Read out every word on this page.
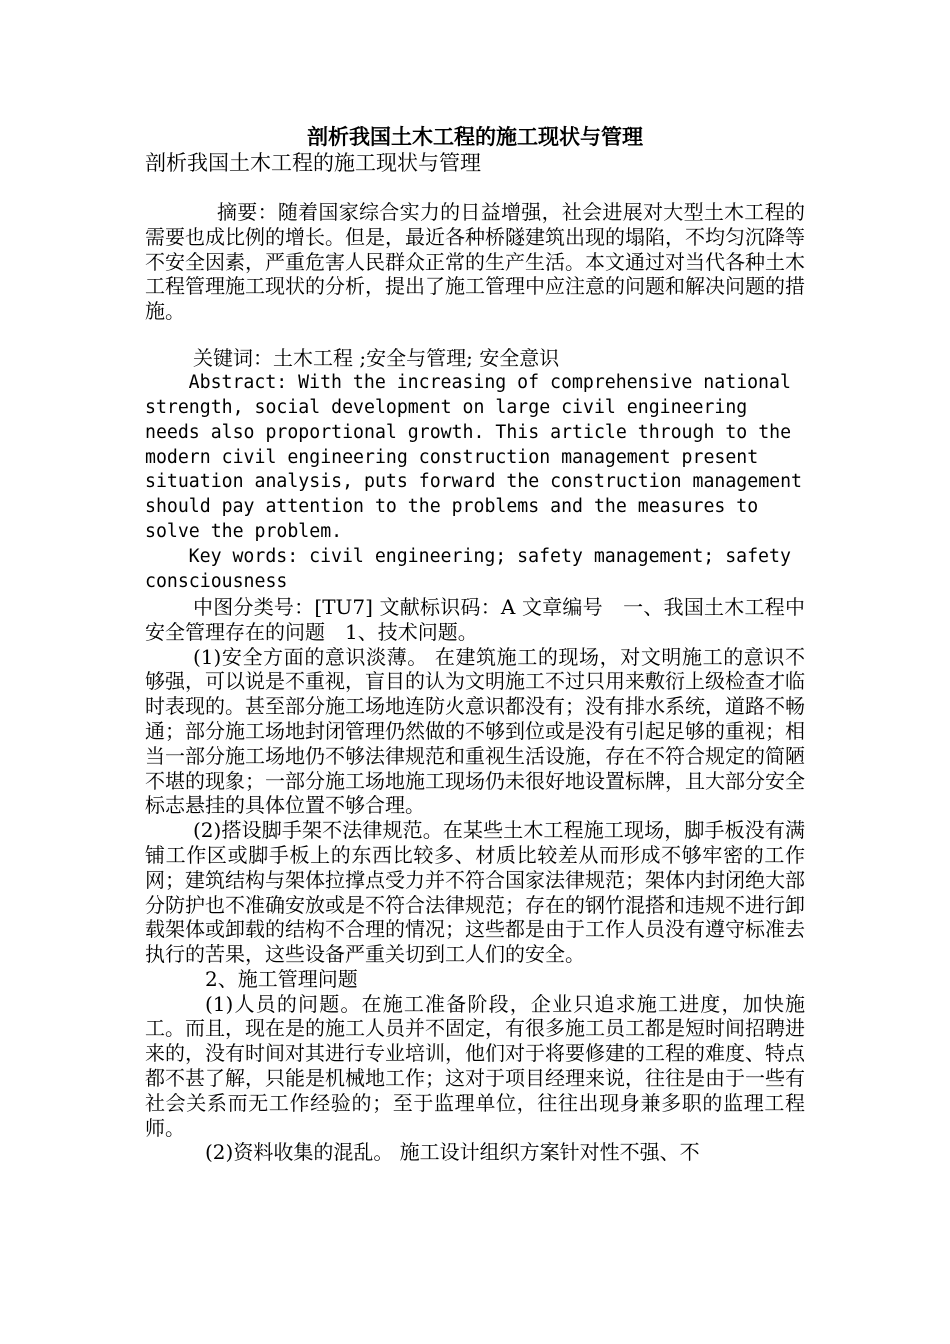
剖析我国土木工程的施工现状与管理

剖析我国土木工程的施工现状与管理

摘要：随着国家综合实力的日益增强，社会进展对大型土木工程的需要也成比例的增长。但是，最近各种桥隧建筑出现的塌陷，不均匀沉降等不安全因素，严重危害人民群众正常的生产生活。本文通过对当代各种土木工程管理施工现状的分析，提出了施工管理中应注意的问题和解决问题的措施。

关键词：土木工程 ;安全与管理; 安全意识

Abstract: With the increasing of comprehensive national strength, social development on large civil engineering needs also proportional growth. This article through to the modern civil engineering construction management present situation analysis, puts forward the construction management should pay attention to the problems and the measures to solve the problem.

Key words: civil engineering; safety management; safety consciousness

中图分类号：[TU7] 文献标识码：A 文章编号　一、我国土木工程中安全管理存在的问题　1、技术问题。

(1)安全方面的意识淡薄。 在建筑施工的现场，对文明施工的意识不够强，可以说是不重视，盲目的认为文明施工不过只用来敷衍上级检查才临时表现的。甚至部分施工场地连防火意识都没有；没有排水系统，道路不畅通；部分施工场地封闭管理仍然做的不够到位或是没有引起足够的重视；相当一部分施工场地仍不够法律规范和重视生活设施，存在不符合规定的简陋不堪的现象；一部分施工场地施工现场仍未很好地设置标牌，且大部分安全标志悬挂的具体位置不够合理。

(2)搭设脚手架不法律规范。在某些土木工程施工现场，脚手板没有满铺工作区或脚手板上的东西比较多、材质比较差从而形成不够牢密的工作网；建筑结构与架体拉撑点受力并不符合国家法律规范；架体内封闭绝大部分防护也不准确安放或是不符合法律规范；存在的钢竹混搭和违规不进行卸载架体或卸载的结构不合理的情况；这些都是由于工作人员没有遵守标准去执行的苦果，这些设备严重关切到工人们的安全。

2、施工管理问题

(1)人员的问题。在施工准备阶段，企业只追求施工进度，加快施工。而且，现在是的施工人员并不固定，有很多施工员工都是短时间招聘进来的，没有时间对其进行专业培训，他们对于将要修建的工程的难度、特点都不甚了解，只能是机械地工作；这对于项目经理来说，往往是由于一些有社会关系而无工作经验的；至于监理单位，往往出现身兼多职的监理工程师。

(2)资料收集的混乱。 施工设计组织方案针对性不强、不
